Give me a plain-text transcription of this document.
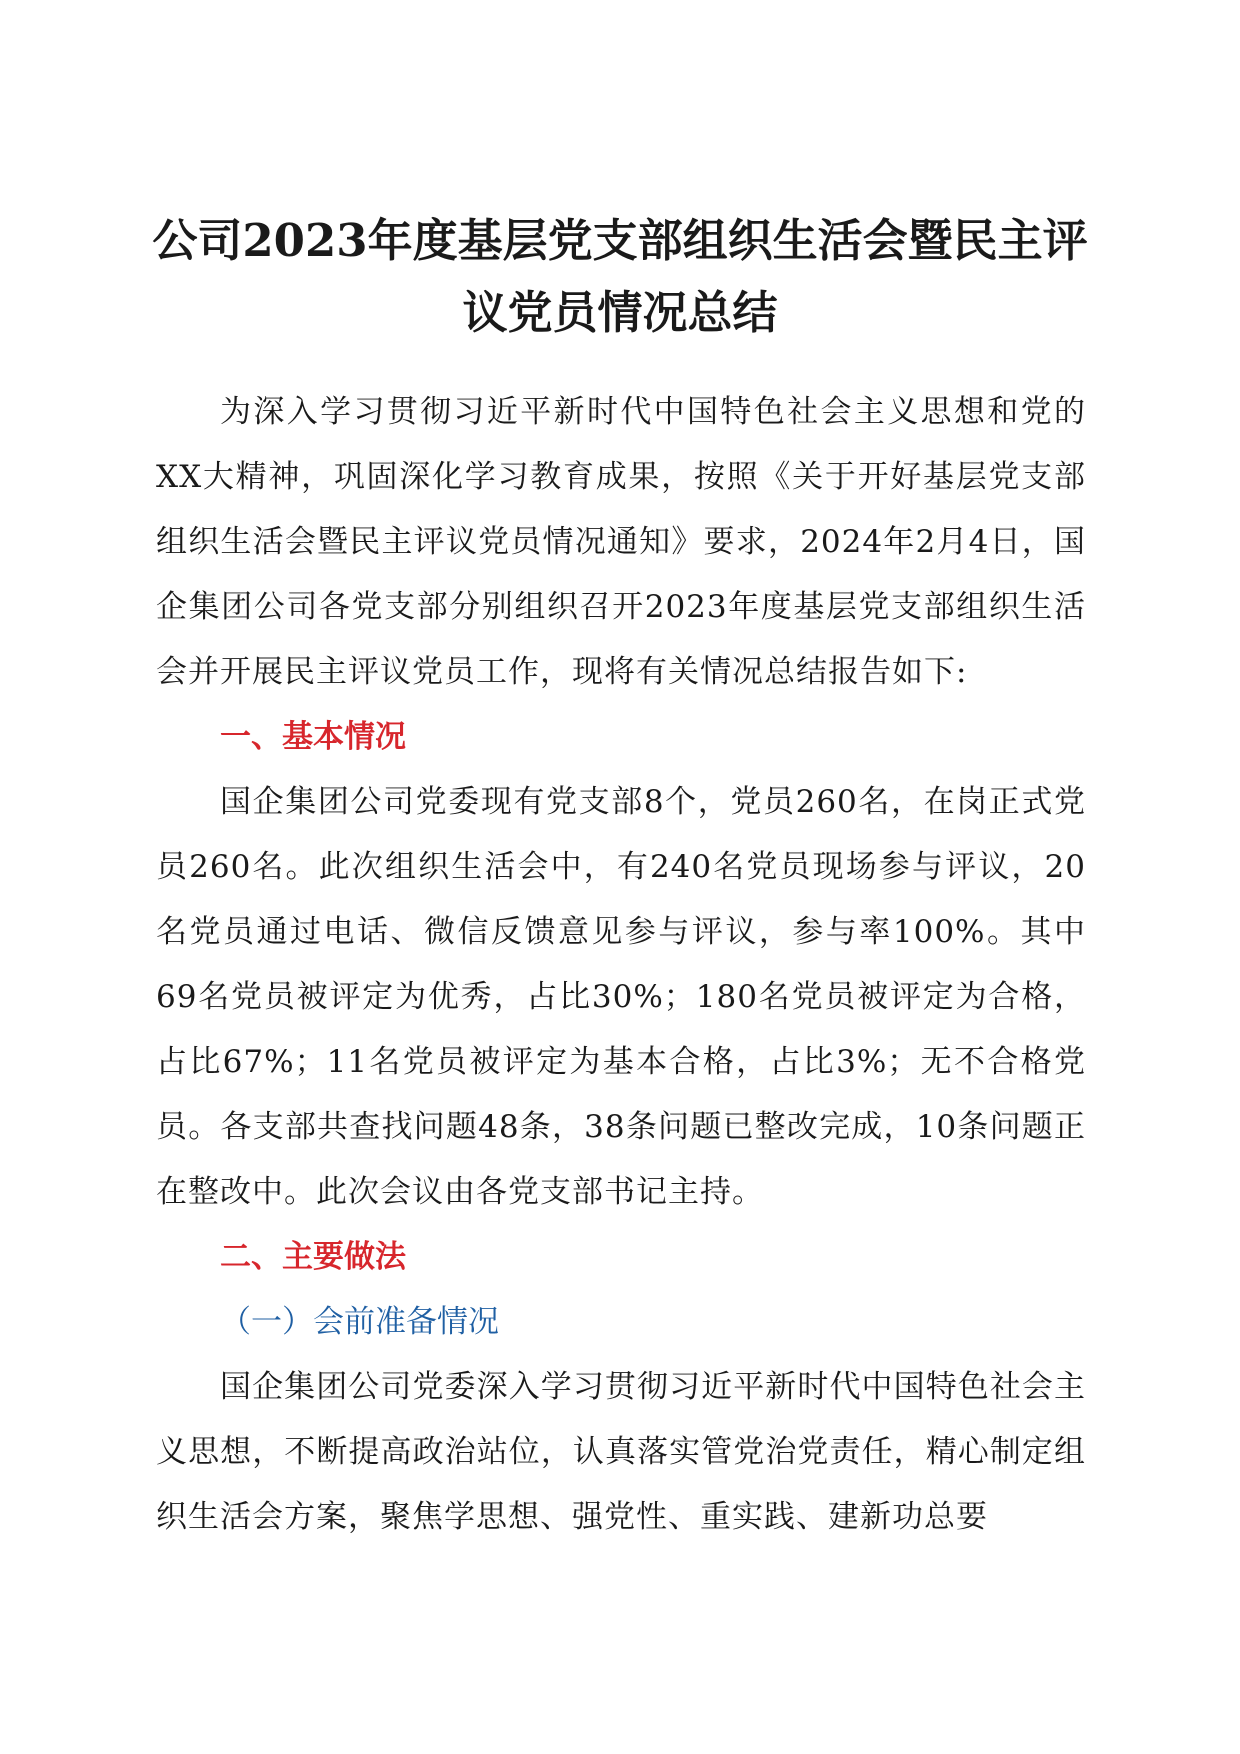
公司2023年度基层党支部组织生活会暨民主评议党员情况总结

为深入学习贯彻习近平新时代中国特色社会主义思想和党的XX大精神，巩固深化学习教育成果，按照《关于开好基层党支部组织生活会暨民主评议党员情况通知》要求，2024年2月4日，国企集团公司各党支部分别组织召开2023年度基层党支部组织生活会并开展民主评议党员工作，现将有关情况总结报告如下:

一、基本情况

国企集团公司党委现有党支部8个，党员260名，在岗正式党员260名。此次组织生活会中，有240名党员现场参与评议，20名党员通过电话、微信反馈意见参与评议，参与率100%。其中69名党员被评定为优秀，占比30%；180名党员被评定为合格，占比67%；11名党员被评定为基本合格，占比3%；无不合格党员。各支部共查找问题48条，38条问题已整改完成，10条问题正在整改中。此次会议由各党支部书记主持。

二、主要做法

（一）会前准备情况

国企集团公司党委深入学习贯彻习近平新时代中国特色社会主义思想，不断提高政治站位，认真落实管党治党责任，精心制定组织生活会方案，聚焦学思想、强党性、重实践、建新功总要
